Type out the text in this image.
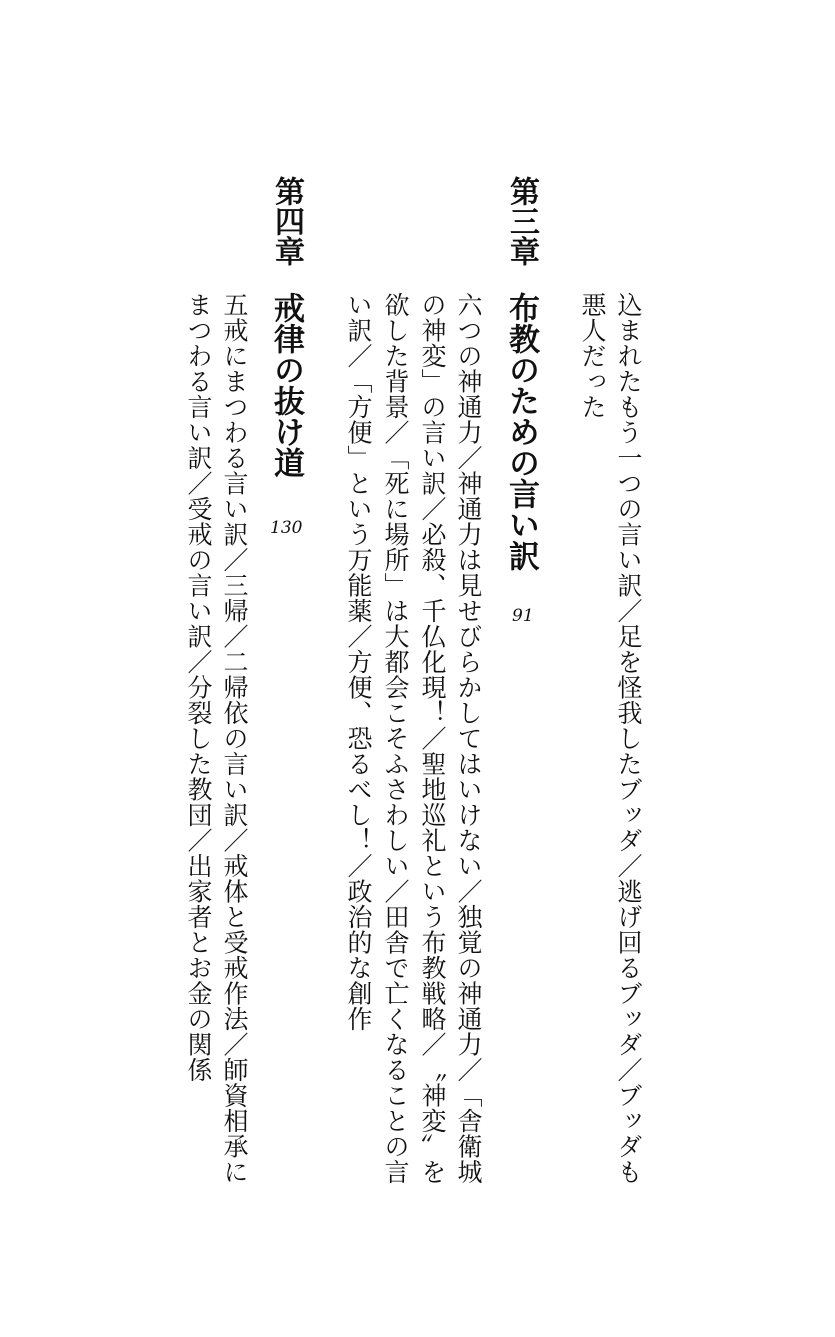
込まれたもう一つの言い訳／足を怪我したブッダ／逃げ回るブッダ／ブッダも
悪人だった
第三章
布教のための言い訳
91
六つの神通力／神通力は見せびらかしてはいけない／独覚の神通力／「舎衛城
の神変」の言い訳／必殺、千仏化現！／聖地巡礼という布教戦略／〝神変〟を
欲した背景／「死に場所」は大都会こそふさわしい／田舎で亡くなることの言
い訳／「方便」という万能薬／方便、恐るべし！／政治的な創作
第四章
戒律の抜け道
130
五戒にまつわる言い訳／三帰／二帰依の言い訳／戒体と受戒作法／師資相承に
まつわる言い訳／受戒の言い訳／分裂した教団／出家者とお金の関係
